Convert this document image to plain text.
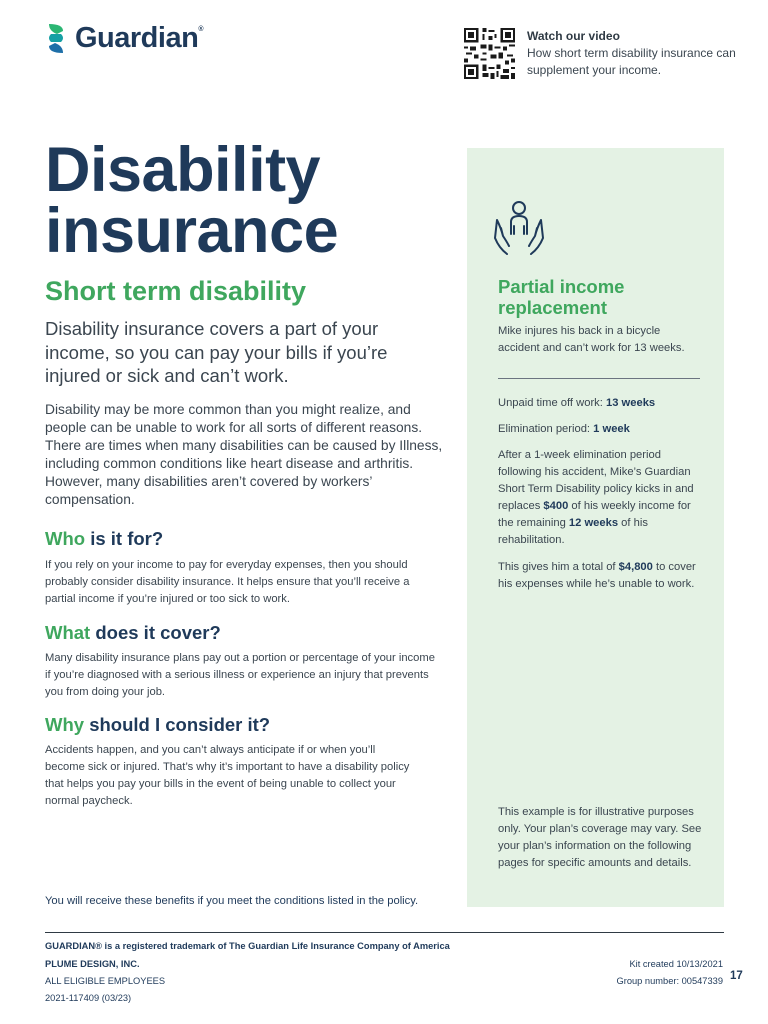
Guardian®	Watch our video
How short term disability insurance can supplement your income.
Disability
insurance
Short term disability
Disability insurance covers a part of your income, so you can pay your bills if you’re injured or sick and can’t work.
Disability may be more common than you might realize, and people can be unable to work for all sorts of different reasons. There are times when many disabilities can be caused by Illness, including common conditions like heart disease and arthritis. However, many disabilities aren’t covered by workers’ compensation.
Who is it for?
If you rely on your income to pay for everyday expenses, then you should probably consider disability insurance. It helps ensure that you’ll receive a partial income if you’re injured or too sick to work.
What does it cover?
Many disability insurance plans pay out a portion or percentage of your income if you’re diagnosed with a serious illness or experience an injury that prevents you from doing your job.
Why should I consider it?
Accidents happen, and you can’t always anticipate if or when you’ll become sick or injured. That’s why it’s important to have a disability policy that helps you pay your bills in the event of being unable to collect your normal paycheck.
You will receive these benefits if you meet the conditions listed in the policy.
Partial income replacement
Mike injures his back in a bicycle accident and can’t work for 13 weeks.
Unpaid time off work: 13 weeks
Elimination period: 1 week
After a 1-week elimination period following his accident, Mike’s Guardian Short Term Disability policy kicks in and replaces $400 of his weekly income for the remaining 12 weeks of his rehabilitation.
This gives him a total of $4,800 to cover his expenses while he’s unable to work.
This example is for illustrative purposes only. Your plan’s coverage may vary. See your plan’s information on the following pages for specific amounts and details.
GUARDIAN® is a registered trademark of The Guardian Life Insurance Company of America
PLUME DESIGN, INC.
ALL ELIGIBLE EMPLOYEES
2021-117409 (03/23)
Kit created 10/13/2021
Group number: 00547339 17
